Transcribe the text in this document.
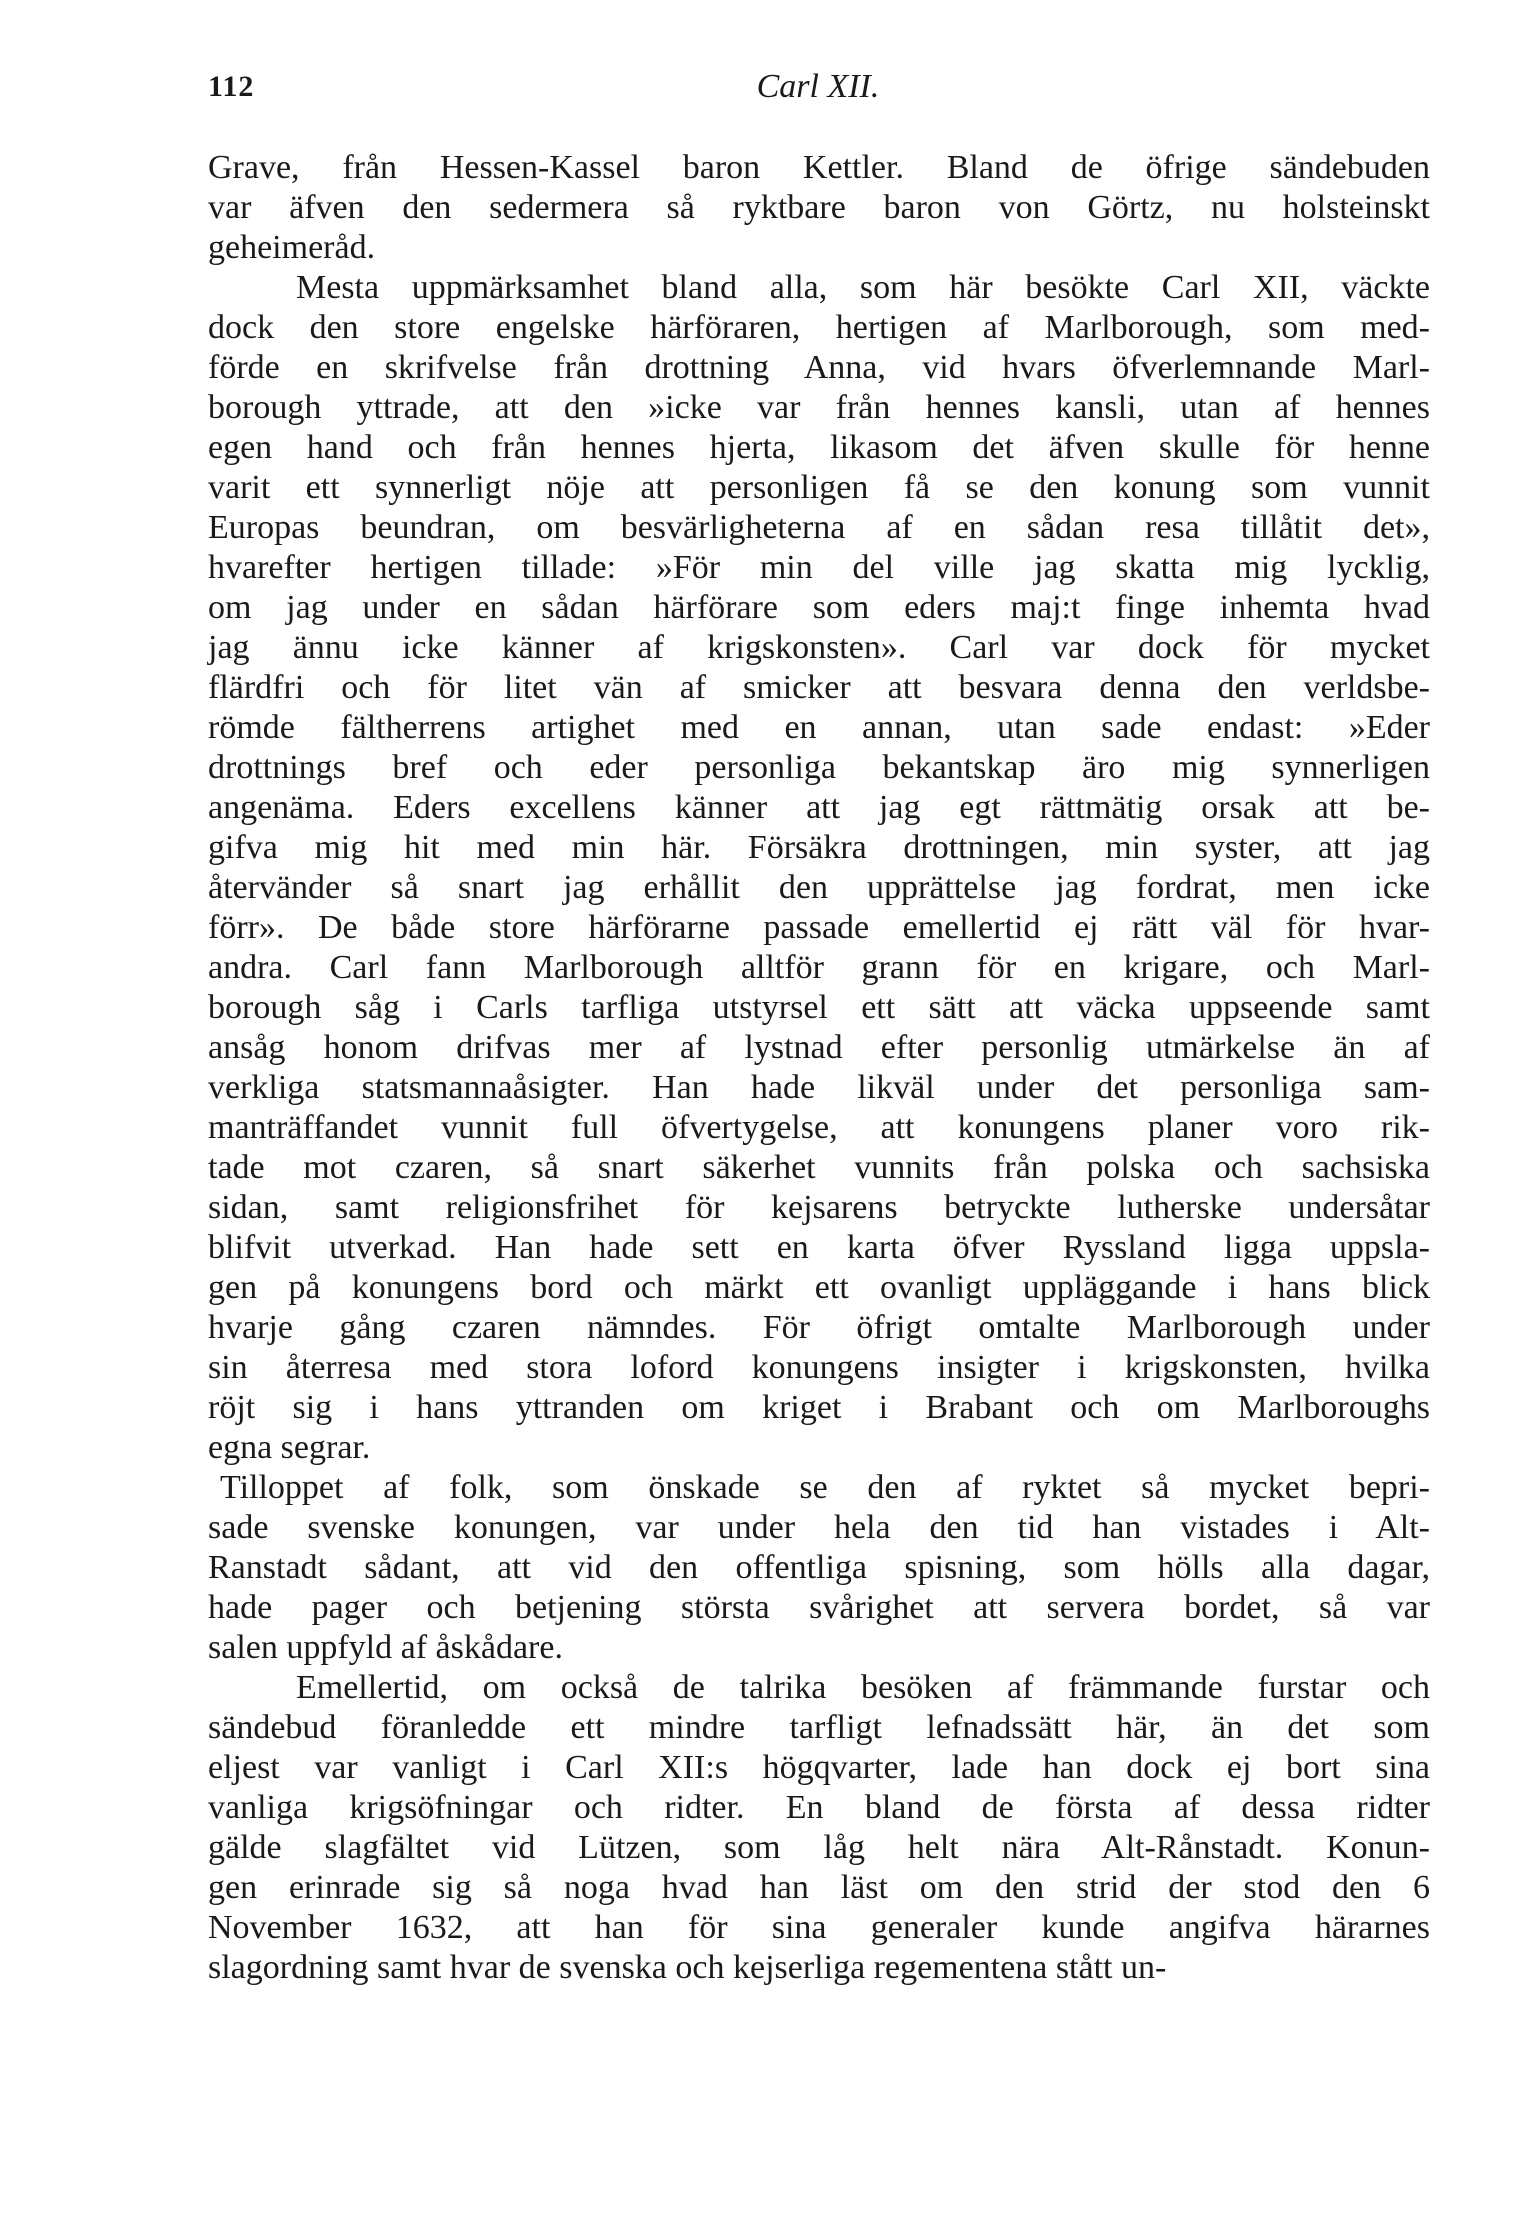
112	Carl XII.
Grave, från Hessen-Kassel baron Kettler. Bland de öfrige sändebuden
var äfven den sedermera så ryktbare baron von Görtz, nu holsteinskt
geheimeråd.
Mesta uppmärksamhet bland alla, som här besökte Carl XII, väckte
dock den store engelske härföraren, hertigen af Marlborough, som med-
förde en skrifvelse från drottning Anna, vid hvars öfverlemnande Marl-
borough yttrade, att den »icke var från hennes kansli, utan af hennes
egen hand och från hennes hjerta, likasom det äfven skulle för henne
varit ett synnerligt nöje att personligen få se den konung som vunnit
Europas beundran, om besvärligheterna af en sådan resa tillåtit det»,
hvarefter hertigen tillade: »För min del ville jag skatta mig lycklig,
om jag under en sådan härförare som eders maj:t finge inhemta hvad
jag ännu icke känner af krigskonsten». Carl var dock för mycket
flärdfri och för litet vän af smicker att besvara denna den verldsbe-
römde fältherrens artighet med en annan, utan sade endast: »Eder
drottnings bref och eder personliga bekantskap äro mig synnerligen
angenäma. Eders excellens känner att jag egt rättmätig orsak att be-
gifva mig hit med min här. Försäkra drottningen, min syster, att jag
återvänder så snart jag erhållit den upprättelse jag fordrat, men icke
förr». De både store härförarne passade emellertid ej rätt väl för hvar-
andra. Carl fann Marlborough alltför grann för en krigare, och Marl-
borough såg i Carls tarfliga utstyrsel ett sätt att väcka uppseende samt
ansåg honom drifvas mer af lystnad efter personlig utmärkelse än af
verkliga statsmannaåsigter. Han hade likväl under det personliga sam-
manträffandet vunnit full öfvertygelse, att konungens planer voro rik-
tade mot czaren, så snart säkerhet vunnits från polska och sachsiska
sidan, samt religionsfrihet för kejsarens betryckte lutherske undersåtar
blifvit utverkad. Han hade sett en karta öfver Ryssland ligga uppsla-
gen på konungens bord och märkt ett ovanligt uppläggande i hans blick
hvarje gång czaren nämndes. För öfrigt omtalte Marlborough under
sin återresa med stora loford konungens insigter i krigskonsten, hvilka
röjt sig i hans yttranden om kriget i Brabant och om Marlboroughs
egna segrar.
Tilloppet af folk, som önskade se den af ryktet så mycket bepri-
sade svenske konungen, var under hela den tid han vistades i Alt-
Ranstadt sådant, att vid den offentliga spisning, som hölls alla dagar,
hade pager och betjening största svårighet att servera bordet, så var
salen uppfyld af åskådare.
Emellertid, om också de talrika besöken af främmande furstar och
sändebud föranledde ett mindre tarfligt lefnadssätt här, än det som
eljest var vanligt i Carl XII:s högqvarter, lade han dock ej bort sina
vanliga krigsöfningar och ridter. En bland de första af dessa ridter
gälde slagfältet vid Lützen, som låg helt nära Alt-Rånstadt. Konun-
gen erinrade sig så noga hvad han läst om den strid der stod den 6
November 1632, att han för sina generaler kunde angifva härarnes
slagordning samt hvar de svenska och kejserliga regementena stått un-
